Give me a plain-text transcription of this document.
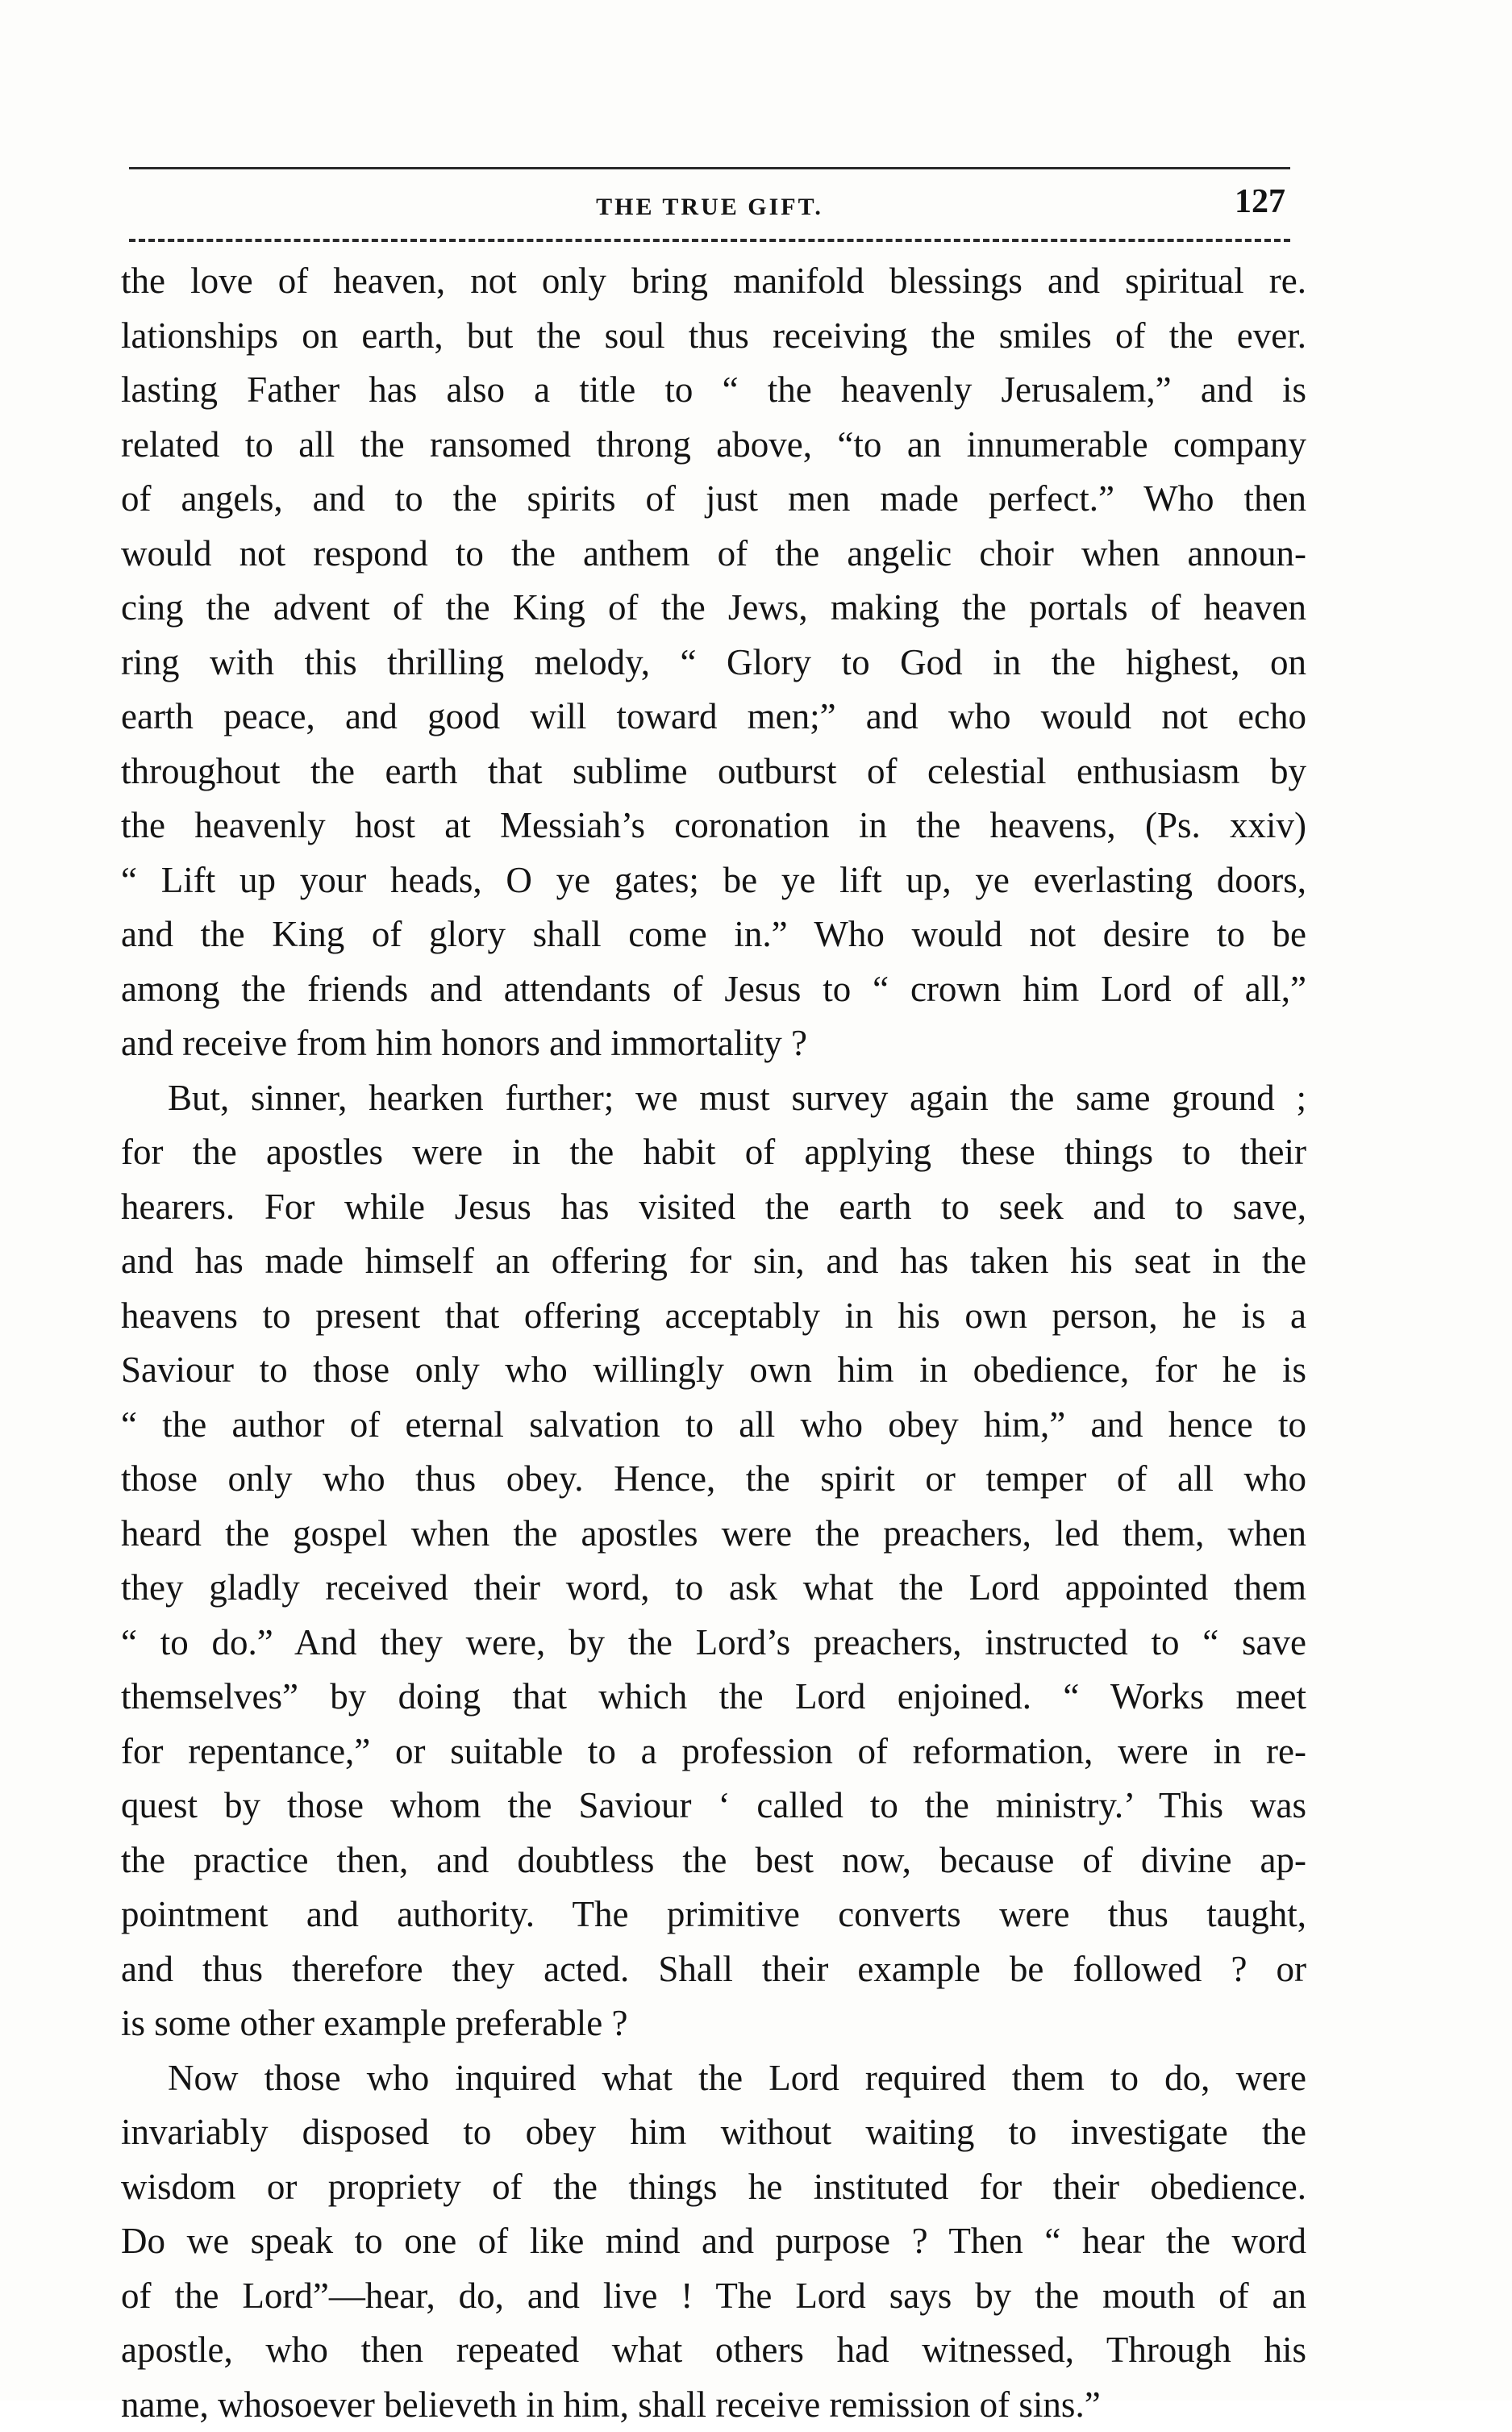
THE TRUE GIFT.	127
the love of heaven, not only bring manifold blessings and spiritual re.
lationships on earth, but the soul thus receiving the smiles of the ever.
lasting Father has also a title to “ the heavenly Jerusalem,” and is
related to all the ransomed throng above, “to an innumerable company
of angels, and to the spirits of just men made perfect.” Who then
would not respond to the anthem of the angelic choir when announ-
cing the advent of the King of the Jews, making the portals of heaven
ring with this thrilling melody, “ Glory to God in the highest, on
earth peace, and good will toward men;” and who would not echo
throughout the earth that sublime outburst of celestial enthusiasm by
the heavenly host at Messiah’s coronation in the heavens, (Ps. xxiv)
“ Lift up your heads, O ye gates; be ye lift up, ye everlasting doors,
and the King of glory shall come in.” Who would not desire to be
among the friends and attendants of Jesus to “ crown him Lord of all,”
and receive from him honors and immortality ?
But, sinner, hearken further; we must survey again the same ground ;
for the apostles were in the habit of applying these things to their
hearers. For while Jesus has visited the earth to seek and to save,
and has made himself an offering for sin, and has taken his seat in the
heavens to present that offering acceptably in his own person, he is a
Saviour to those only who willingly own him in obedience, for he is
“ the author of eternal salvation to all who obey him,” and hence to
those only who thus obey. Hence, the spirit or temper of all who
heard the gospel when the apostles were the preachers, led them, when
they gladly received their word, to ask what the Lord appointed them
“ to do.” And they were, by the Lord’s preachers, instructed to “ save
themselves” by doing that which the Lord enjoined. “ Works meet
for repentance,” or suitable to a profession of reformation, were in re-
quest by those whom the Saviour ‘ called to the ministry.’ This was
the practice then, and doubtless the best now, because of divine ap-
pointment and authority. The primitive converts were thus taught,
and thus therefore they acted. Shall their example be followed ? or
is some other example preferable ?
Now those who inquired what the Lord required them to do, were
invariably disposed to obey him without waiting to investigate the
wisdom or propriety of the things he instituted for their obedience.
Do we speak to one of like mind and purpose ? Then “ hear the word
of the Lord”—hear, do, and live ! The Lord says by the mouth of an
apostle, who then repeated what others had witnessed, Through his
name, whosoever believeth in him, shall receive remission of sins.”
